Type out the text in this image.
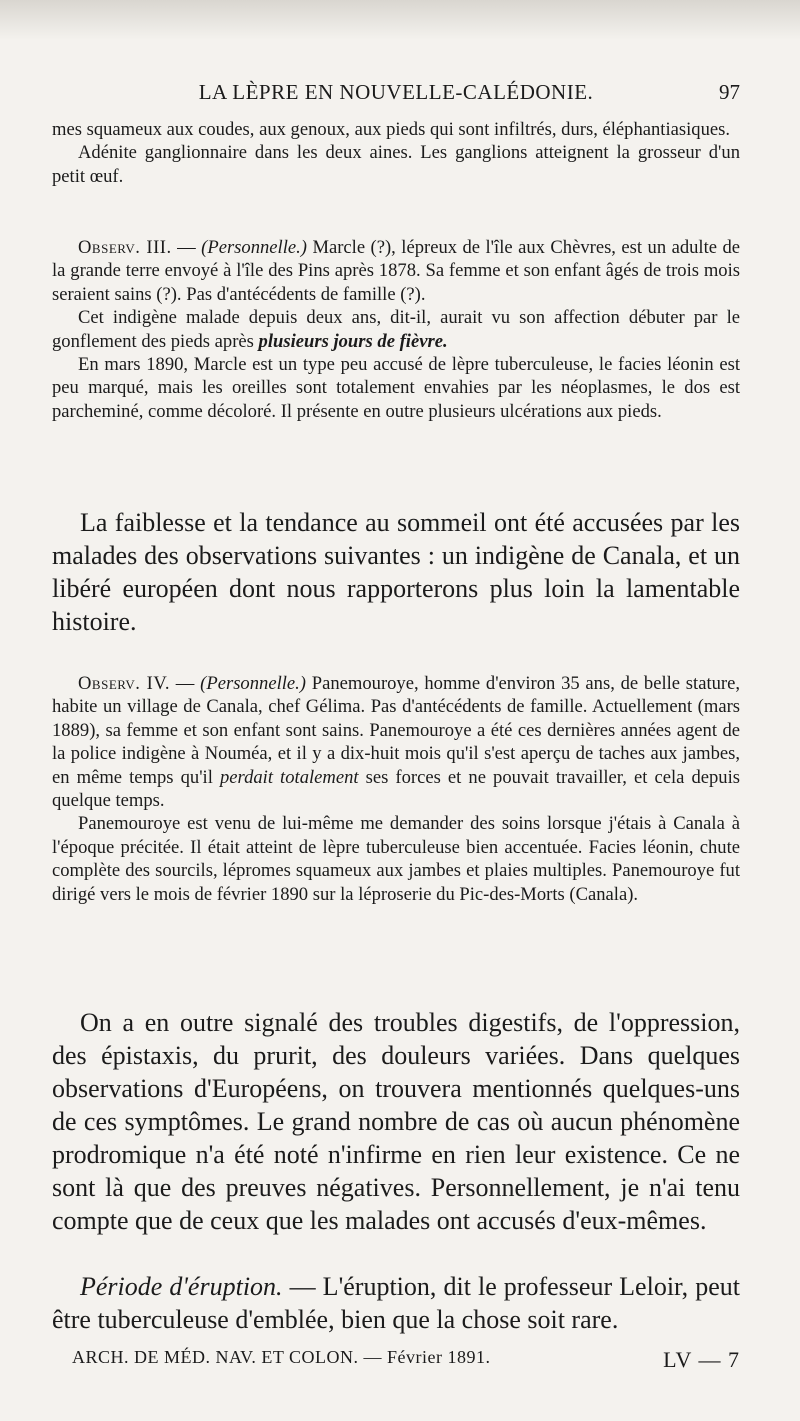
LA LÈPRE EN NOUVELLE-CALÉDONIE.	97

mes squameux aux coudes, aux genoux, aux pieds qui sont infiltrés, durs, éléphantiasiques.

Adénite ganglionnaire dans les deux aines. Les ganglions atteignent la grosseur d'un petit œuf.

Observ. III. — (Personnelle.) Marcle (?), lépreux de l'île aux Chèvres, est un adulte de la grande terre envoyé à l'île des Pins après 1878. Sa femme et son enfant âgés de trois mois seraient sains (?). Pas d'antécédents de famille (?).

Cet indigène malade depuis deux ans, dit-il, aurait vu son affection débuter par le gonflement des pieds après plusieurs jours de fièvre.

En mars 1890, Marcle est un type peu accusé de lèpre tuberculeuse, le facies léonin est peu marqué, mais les oreilles sont totalement envahies par les néoplasmes, le dos est parcheminé, comme décoloré. Il présente en outre plusieurs ulcérations aux pieds.

La faiblesse et la tendance au sommeil ont été accusées par les malades des observations suivantes : un indigène de Canala, et un libéré européen dont nous rapporterons plus loin la lamentable histoire.

Observ. IV. — (Personnelle.) Panemouroye, homme d'environ 35 ans, de belle stature, habite un village de Canala, chef Gélima. Pas d'antécédents de famille. Actuellement (mars 1889), sa femme et son enfant sont sains. Panemouroye a été ces dernières années agent de la police indigène à Nouméa, et il y a dix-huit mois qu'il s'est aperçu de taches aux jambes, en même temps qu'il perdait totalement ses forces et ne pouvait travailler, et cela depuis quelque temps.

Panemouroye est venu de lui-même me demander des soins lorsque j'étais à Canala à l'époque précitée. Il était atteint de lèpre tuberculeuse bien accentuée. Facies léonin, chute complète des sourcils, lépromes squameux aux jambes et plaies multiples. Panemouroye fut dirigé vers le mois de février 1890 sur la léproserie du Pic-des-Morts (Canala).

On a en outre signalé des troubles digestifs, de l'oppression, des épistaxis, du prurit, des douleurs variées. Dans quelques observations d'Européens, on trouvera mentionnés quelques-uns de ces symptômes. Le grand nombre de cas où aucun phénomène prodromique n'a été noté n'infirme en rien leur existence. Ce ne sont là que des preuves négatives. Personnellement, je n'ai tenu compte que de ceux que les malades ont accusés d'eux-mêmes.

Période d'éruption. — L'éruption, dit le professeur Leloir, peut être tuberculeuse d'emblée, bien que la chose soit rare.

ARCH. DE MÉD. NAV. ET COLON. — Février 1891.	LV — 7
